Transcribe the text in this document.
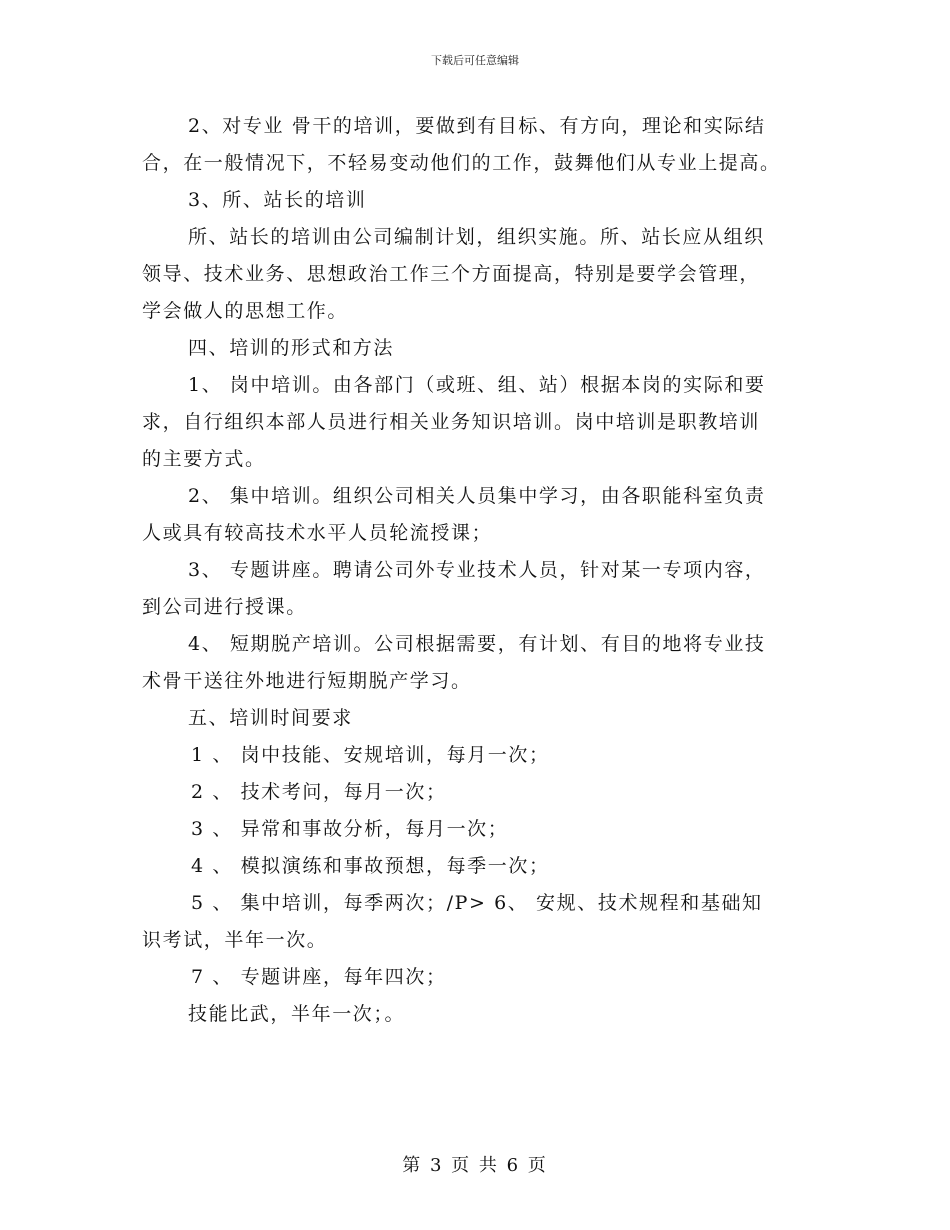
下载后可任意编辑

2、对专业 骨干的培训，要做到有目标、有方向，理论和实际结

合，在一般情况下，不轻易变动他们的工作，鼓舞他们从专业上提高。

3、所、站长的培训

所、站长的培训由公司编制计划，组织实施。所、站长应从组织

领导、技术业务、思想政治工作三个方面提高，特别是要学会管理，

学会做人的思想工作。

四、培训的形式和方法

1、 岗中培训。由各部门（或班、组、站）根据本岗的实际和要

求，自行组织本部人员进行相关业务知识培训。岗中培训是职教培训

的主要方式。

2、 集中培训。组织公司相关人员集中学习，由各职能科室负责

人或具有较高技术水平人员轮流授课；

3、 专题讲座。聘请公司外专业技术人员，针对某一专项内容，

到公司进行授课。

4、 短期脱产培训。公司根据需要，有计划、有目的地将专业技

术骨干送往外地进行短期脱产学习。

五、培训时间要求

1 、 岗中技能、安规培训，每月一次；

2 、 技术考问，每月一次；

3 、 异常和事故分析，每月一次；

4 、 模拟演练和事故预想，每季一次；

5 、 集中培训，每季两次；/P> 6、 安规、技术规程和基础知

识考试，半年一次。

7 、 专题讲座，每年四次；

技能比武，半年一次；。

第 3 页 共 6 页
